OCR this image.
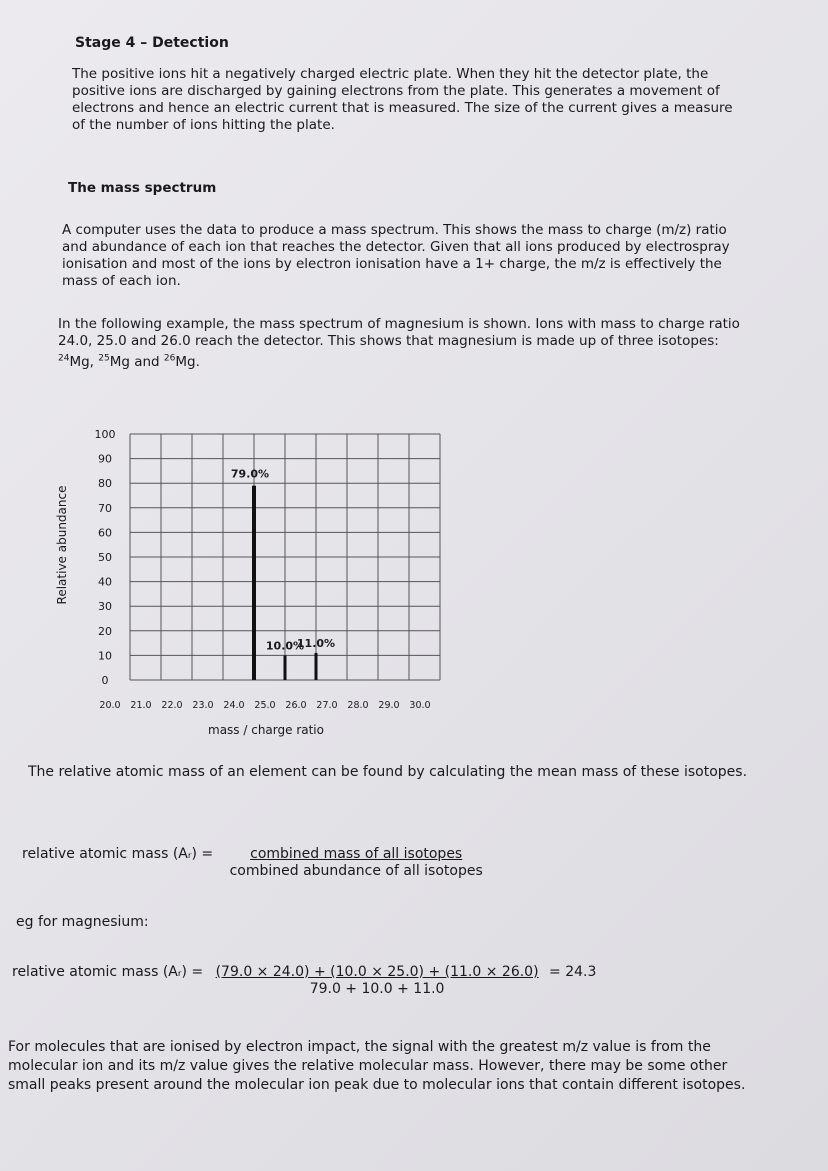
Stage 4 – Detection
The positive ions hit a negatively charged electric plate. When they hit the detector plate, the positive ions are discharged by gaining electrons from the plate. This generates a movement of electrons and hence an electric current that is measured. The size of the current gives a measure of the number of ions hitting the plate.
The mass spectrum
A computer uses the data to produce a mass spectrum. This shows the mass to charge (m/z) ratio and abundance of each ion that reaches the detector. Given that all ions produced by electrospray ionisation and most of the ions by electron ionisation have a 1+ charge, the m/z is effectively the mass of each ion.
In the following example, the mass spectrum of magnesium is shown. Ions with mass to charge ratio 24.0, 25.0 and 26.0 reach the detector. This shows that magnesium is made up of three isotopes: $^{24}$Mg, $^{25}$Mg and $^{26}$Mg.
Relative abundance
mass / charge ratio
0
10
20
30
40
50
60
70
80
90
100
20.0 21.0 22.0 23.0 24.0 25.0 26.0 27.0 28.0 29.0 30.0
79.0%
10.0%
11.0%
The relative atomic mass of an element can be found by calculating the mean mass of these isotopes.
relative atomic mass (Aᵣ) = $\frac{\text{combined mass of all isotopes}}{\text{combined abundance of all isotopes}}$
eg for magnesium:
relative atomic mass (Aᵣ) = $\frac{(79.0 \times 24.0) + (10.0 \times 25.0) + (11.0 \times 26.0)}{79.0 + 10.0 + 11.0} = 24.3$
For molecules that are ionised by electron impact, the signal with the greatest m/z value is from the molecular ion and its m/z value gives the relative molecular mass. However, there may be some other small peaks present around the molecular ion peak due to molecular ions that contain different isotopes.
